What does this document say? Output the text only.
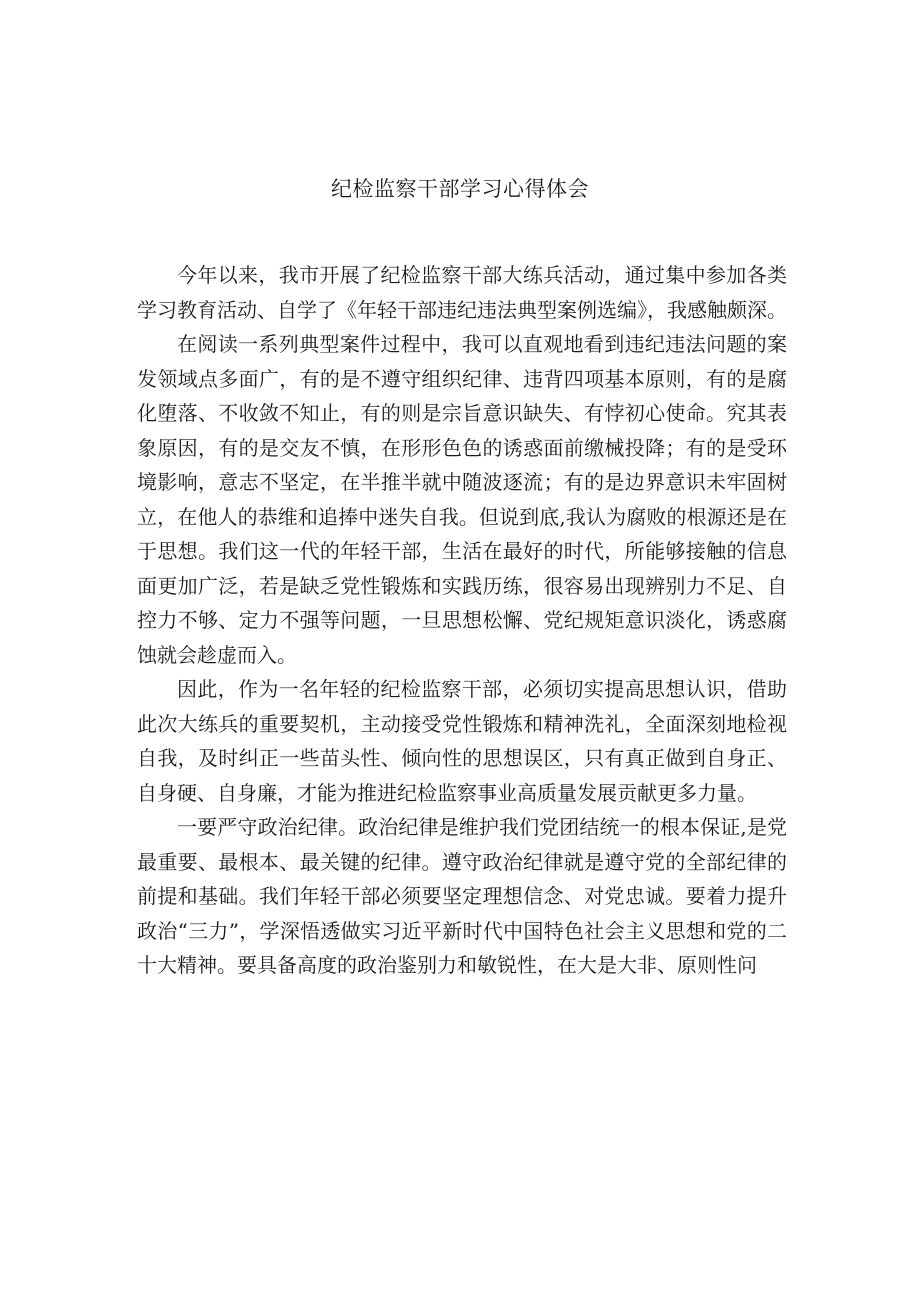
纪检监察干部学习心得体会

今年以来，我市开展了纪检监察干部大练兵活动，通过集中参加各类学习教育活动、自学了《年轻干部违纪违法典型案例选编》，我感触颇深。

在阅读一系列典型案件过程中，我可以直观地看到违纪违法问题的案发领域点多面广，有的是不遵守组织纪律、违背四项基本原则，有的是腐化堕落、不收敛不知止，有的则是宗旨意识缺失、有悖初心使命。究其表象原因，有的是交友不慎，在形形色色的诱惑面前缴械投降；有的是受环境影响，意志不坚定，在半推半就中随波逐流；有的是边界意识未牢固树立，在他人的恭维和追捧中迷失自我。但说到底,我认为腐败的根源还是在于思想。我们这一代的年轻干部，生活在最好的时代，所能够接触的信息面更加广泛，若是缺乏党性锻炼和实践历练，很容易出现辨别力不足、自控力不够、定力不强等问题，一旦思想松懈、党纪规矩意识淡化，诱惑腐蚀就会趁虚而入。

因此，作为一名年轻的纪检监察干部，必须切实提高思想认识，借助此次大练兵的重要契机，主动接受党性锻炼和精神洗礼，全面深刻地检视自我，及时纠正一些苗头性、倾向性的思想误区，只有真正做到自身正、自身硬、自身廉，才能为推进纪检监察事业高质量发展贡献更多力量。

一要严守政治纪律。政治纪律是维护我们党团结统一的根本保证,是党最重要、最根本、最关键的纪律。遵守政治纪律就是遵守党的全部纪律的前提和基础。我们年轻干部必须要坚定理想信念、对党忠诚。要着力提升政治“三力”，学深悟透做实习近平新时代中国特色社会主义思想和党的二十大精神。要具备高度的政治鉴别力和敏锐性，在大是大非、原则性问
